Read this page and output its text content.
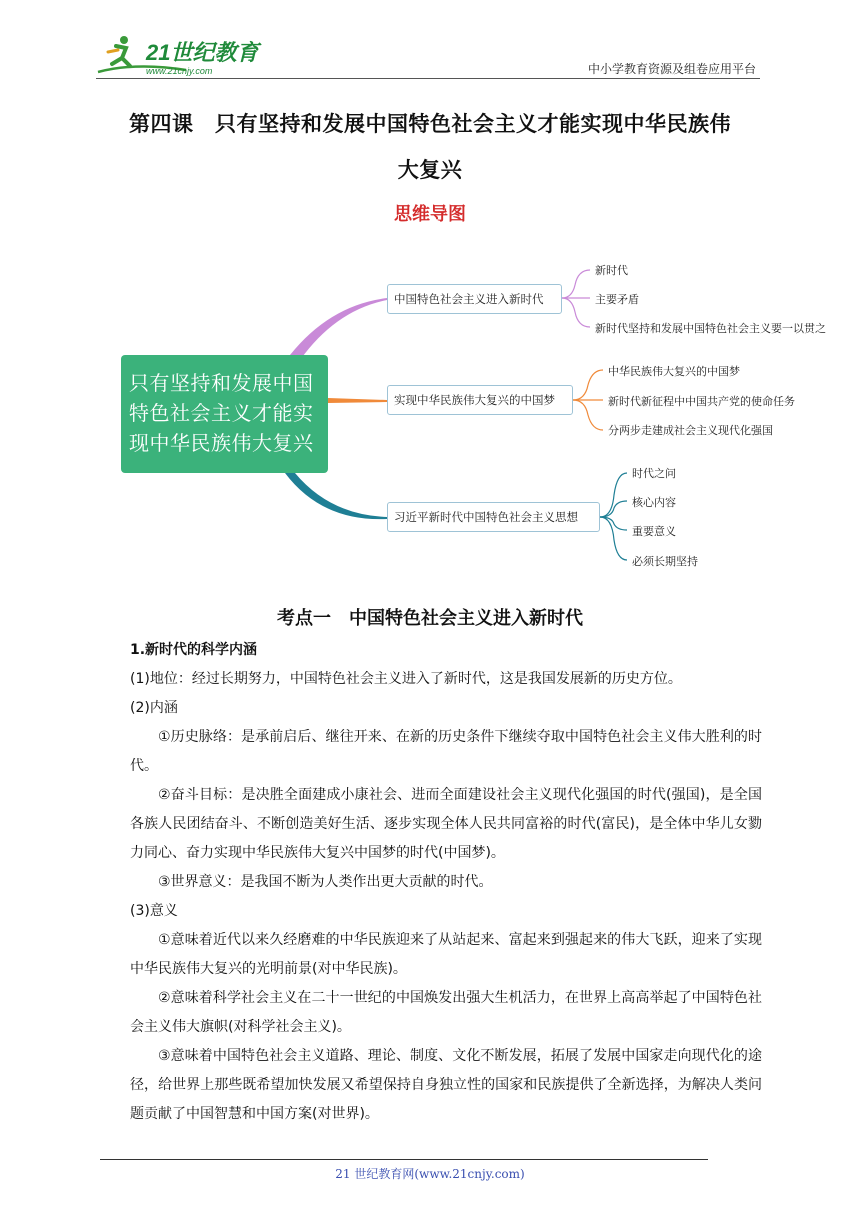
21世纪教育
www.21cnjy.com	中小学教育资源及组卷应用平台
第四课　只有坚持和发展中国特色社会主义才能实现中华民族伟
大复兴
思维导图
只有坚持和发展中国
特色社会主义才能实
现中华民族伟大复兴
中国特色社会主义进入新时代
实现中华民族伟大复兴的中国梦
习近平新时代中国特色社会主义思想
新时代
主要矛盾
新时代坚持和发展中国特色社会主义要一以贯之
中华民族伟大复兴的中国梦
新时代新征程中中国共产党的使命任务
分两步走建成社会主义现代化强国
时代之问
核心内容
重要意义
必须长期坚持
考点一　中国特色社会主义进入新时代
1.新时代的科学内涵
(1)地位：经过长期努力，中国特色社会主义进入了新时代，这是我国发展新的历史方位。
(2)内涵
①历史脉络：是承前启后、继往开来、在新的历史条件下继续夺取中国特色社会主义伟大胜利的时代。
②奋斗目标：是决胜全面建成小康社会、进而全面建设社会主义现代化强国的时代(强国)，是全国各族人民团结奋斗、不断创造美好生活、逐步实现全体人民共同富裕的时代(富民)，是全体中华儿女勠力同心、奋力实现中华民族伟大复兴中国梦的时代(中国梦)。
③世界意义：是我国不断为人类作出更大贡献的时代。
(3)意义
①意味着近代以来久经磨难的中华民族迎来了从站起来、富起来到强起来的伟大飞跃，迎来了实现中华民族伟大复兴的光明前景(对中华民族)。
②意味着科学社会主义在二十一世纪的中国焕发出强大生机活力，在世界上高高举起了中国特色社会主义伟大旗帜(对科学社会主义)。
③意味着中国特色社会主义道路、理论、制度、文化不断发展，拓展了发展中国家走向现代化的途径，给世界上那些既希望加快发展又希望保持自身独立性的国家和民族提供了全新选择，为解决人类问题贡献了中国智慧和中国方案(对世界)。
21 世纪教育网(www.21cnjy.com)
